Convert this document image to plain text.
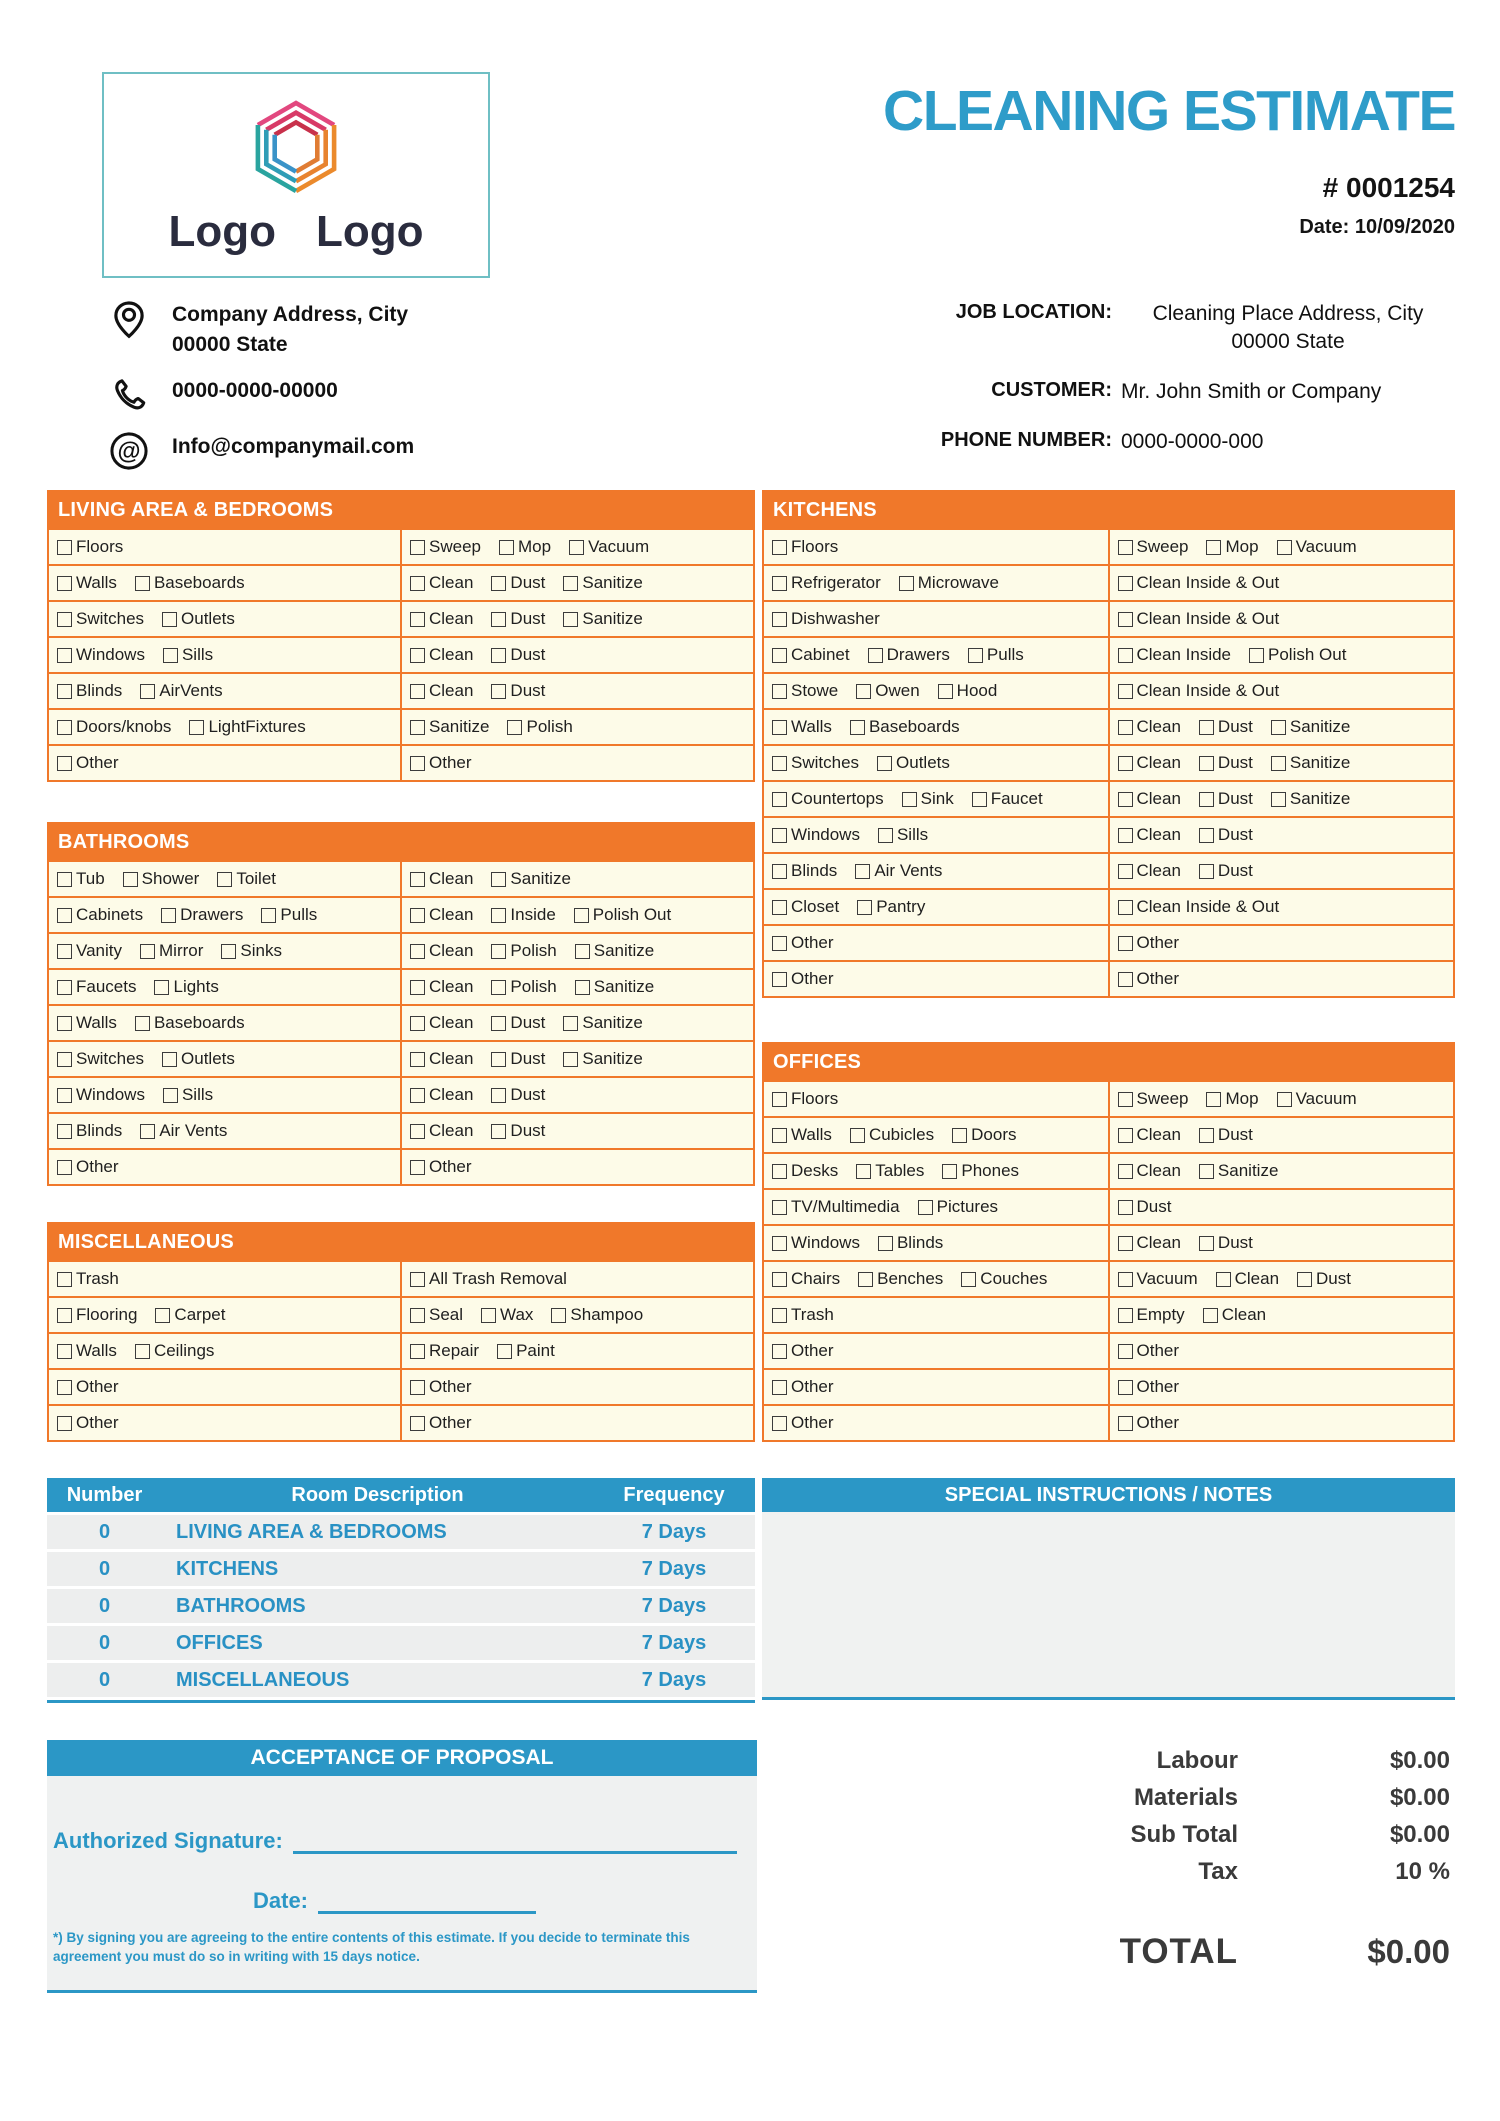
Logo Logo
CLEANING ESTIMATE
# 0001254
Date: 10/09/2020
Company Address, City
00000 State
0000-0000-00000
@ Info@companymail.com
JOB LOCATION:	Cleaning Place Address, City
00000 State
CUSTOMER: Mr. John Smith or Company
PHONE NUMBER: 0000-0000-000
LIVING AREA & BEDROOMS
Floors	Sweep Mop Vacuum
Walls Baseboards	Clean Dust Sanitize
Switches Outlets	Clean Dust Sanitize
Windows Sills	Clean Dust
Blinds AirVents	Clean Dust
Doors/knobs LightFixtures	Sanitize Polish
Other	Other
BATHROOMS
Tub Shower Toilet	Clean Sanitize
Cabinets Drawers Pulls	Clean Inside Polish Out
Vanity Mirror Sinks	Clean Polish Sanitize
Faucets Lights	Clean Polish Sanitize
Walls Baseboards	Clean Dust Sanitize
Switches Outlets	Clean Dust Sanitize
Windows Sills	Clean Dust
Blinds Air Vents	Clean Dust
Other	Other
MISCELLANEOUS
Trash	All Trash Removal
Flooring Carpet	Seal Wax Shampoo
Walls Ceilings	Repair Paint
Other	Other
Other	Other
KITCHENS
Floors	Sweep Mop Vacuum
Refrigerator Microwave	Clean Inside & Out
Dishwasher	Clean Inside & Out
Cabinet Drawers Pulls	Clean Inside Polish Out
Stowe Owen Hood	Clean Inside & Out
Walls Baseboards	Clean Dust Sanitize
Switches Outlets	Clean Dust Sanitize
Countertops Sink Faucet	Clean Dust Sanitize
Windows Sills	Clean Dust
Blinds Air Vents	Clean Dust
Closet Pantry	Clean Inside & Out
Other	Other
Other	Other
OFFICES
Floors	Sweep Mop Vacuum
Walls Cubicles Doors	Clean Dust
Desks Tables Phones	Clean Sanitize
TV/Multimedia Pictures	Dust
Windows Blinds	Clean Dust
Chairs Benches Couches	Vacuum Clean Dust
Trash	Empty Clean
Other	Other
Other	Other
Other	Other
Number	Room Description	Frequency
0	LIVING AREA & BEDROOMS	7 Days
0	KITCHENS	7 Days
0	BATHROOMS	7 Days
0	OFFICES	7 Days
0	MISCELLANEOUS	7 Days
SPECIAL INSTRUCTIONS / NOTES
ACCEPTANCE OF PROPOSAL
Authorized Signature:
Date:
*) By signing you are agreeing to the entire contents of this estimate. If you decide to terminate this agreement you must do so in writing with 15 days notice.
Labour	$0.00
Materials	$0.00
Sub Total	$0.00
Tax	10 %
TOTAL	$0.00
